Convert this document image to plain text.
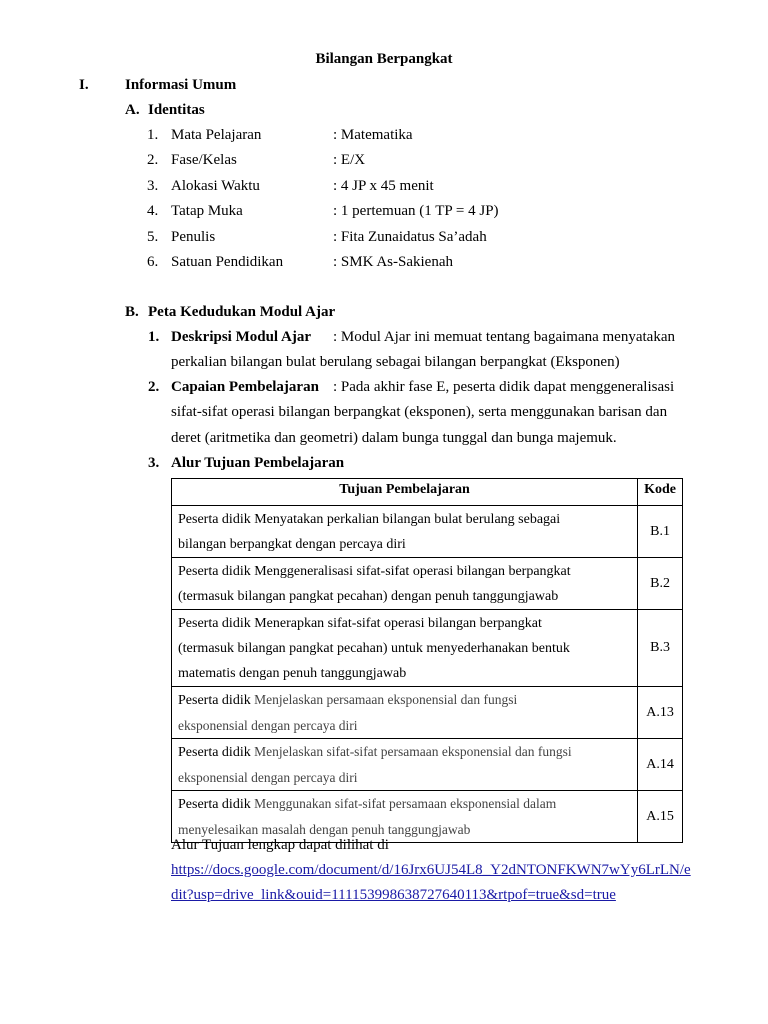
Bilangan Berpangkat
I. Informasi Umum
A. Identitas
1. Mata Pelajaran	: Matematika
2. Fase/Kelas	: E/X
3. Alokasi Waktu	: 4 JP x 45 menit
4. Tatap Muka	: 1 pertemuan (1 TP = 4 JP)
5. Penulis	: Fita Zunaidatus Sa’adah
6. Satuan Pendidikan	: SMK As-Sakienah
B. Peta Kedudukan Modul Ajar
1. Deskripsi Modul Ajar : Modul Ajar ini memuat tentang bagaimana menyatakan
perkalian bilangan bulat berulang sebagai bilangan berpangkat (Eksponen)
2. Capaian Pembelajaran : Pada akhir fase E, peserta didik dapat menggeneralisasi
sifat-sifat operasi bilangan berpangkat (eksponen), serta menggunakan barisan dan
deret (aritmetika dan geometri) dalam bunga tunggal dan bunga majemuk.
3. Alur Tujuan Pembelajaran
Tujuan Pembelajaran	Kode

Peserta didik Menyatakan perkalian bilangan bulat berulang sebagai
bilangan berpangkat dengan percaya diri	B.1

Peserta didik Menggeneralisasi sifat-sifat operasi bilangan berpangkat
(termasuk bilangan pangkat pecahan) dengan penuh tanggungjawab	B.2

Peserta didik Menerapkan sifat-sifat operasi bilangan berpangkat
(termasuk bilangan pangkat pecahan) untuk menyederhanakan bentuk
matematis dengan penuh tanggungjawab	B.3

Peserta didik Menjelaskan persamaan eksponensial dan fungsi
eksponensial dengan percaya diri	A.13

Peserta didik Menjelaskan sifat-sifat persamaan eksponensial dan fungsi
eksponensial dengan percaya diri	A.14

Peserta didik Menggunakan sifat-sifat persamaan eksponensial dalam
menyelesaikan masalah dengan penuh tanggungjawab	A.15
Alur Tujuan lengkap dapat dilihat di
https://docs.google.com/document/d/16Jrx6UJ54L8_Y2dNTONFKWN7wYy6LrLN/e
dit?usp=drive_link&ouid=111153998638727640113&rtpof=true&sd=true
